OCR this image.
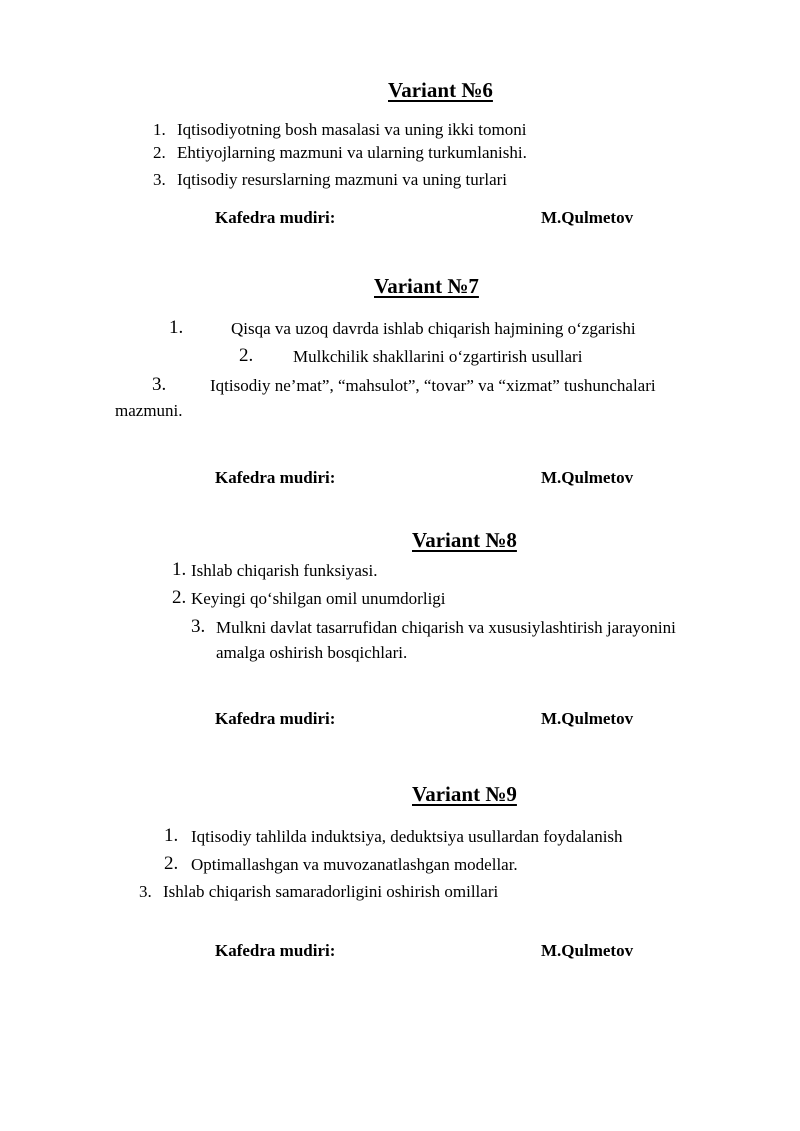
Variant №6
1. Iqtisodiyotning bosh masalasi va uning ikki tomoni
2. Ehtiyojlarning mazmuni va ularning turkumlanishi.
3. Iqtisodiy resurslarning mazmuni va uning turlari
Kafedra mudiri:	M.Qulmetov
Variant №7
1.	Qisqa va uzoq davrda ishlab chiqarish hajmining o‘zgarishi
2. Mulkchilik shakllarini o‘zgartirish usullari
3.	Iqtisodiy ne’mat”, “mahsulot”, “tovar” va “xizmat” tushunchalari
mazmuni.
Kafedra mudiri:	M.Qulmetov
Variant №8
1. Ishlab chiqarish funksiyasi.
2. Keyingi qo‘shilgan omil unumdorligi
3. Mulkni davlat tasarrufidan chiqarish va xususiylashtirish jarayonini
amalga oshirish bosqichlari.
Kafedra mudiri:	M.Qulmetov
Variant №9
1. Iqtisodiy tahlilda induktsiya, deduktsiya usullardan foydalanish
2. Optimallashgan va muvozanatlashgan modellar.
3. Ishlab chiqarish samaradorligini oshirish omillari
Kafedra mudiri:	M.Qulmetov
